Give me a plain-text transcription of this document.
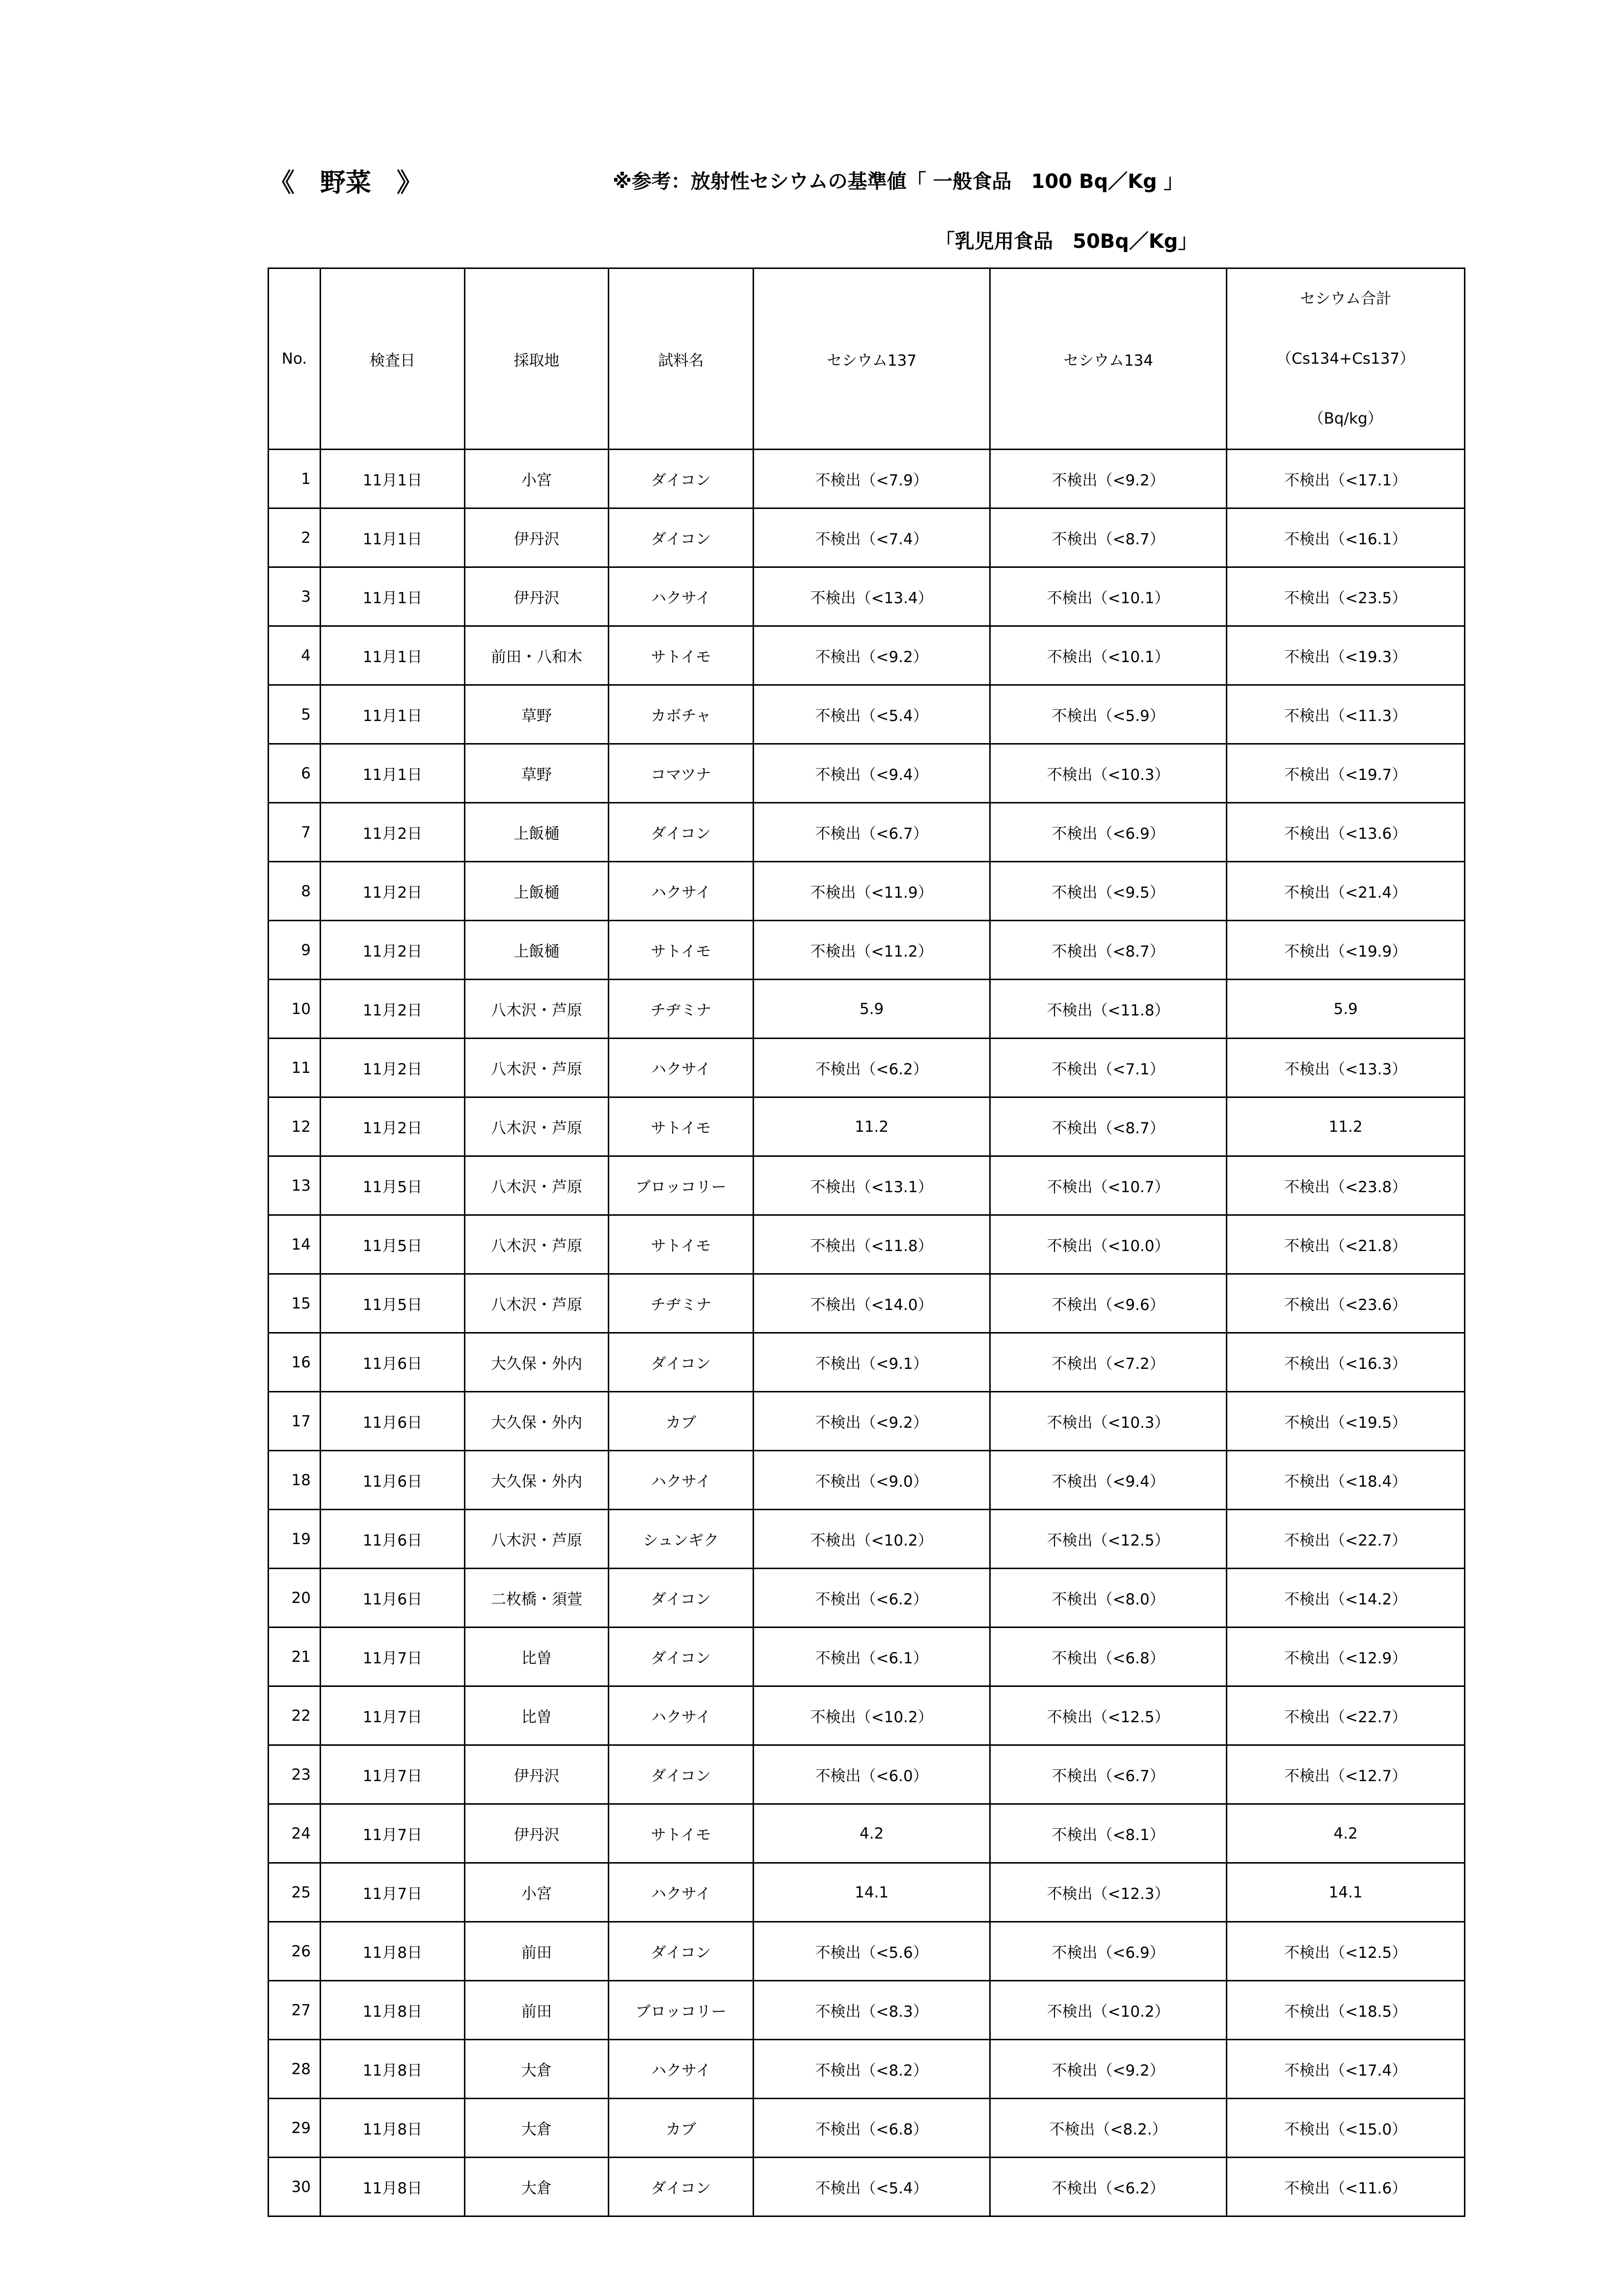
《　野菜　》	※参考：放射性セシウムの基準値「 一般食品　100 Bq／Kg 」
「乳児用食品　50Bq／Kg」
No.	検査日	採取地	試料名	セシウム137	セシウム134	セシウム合計
（Cs134+Cs137）
（Bq/kg）

1	11月1日	小宮	ダイコン	不検出（<7.9）	不検出（<9.2）	不検出（<17.1）
2	11月1日	伊丹沢	ダイコン	不検出（<7.4）	不検出（<8.7）	不検出（<16.1）
3	11月1日	伊丹沢	ハクサイ	不検出（<13.4）	不検出（<10.1）	不検出（<23.5）
4	11月1日	前田・八和木	サトイモ	不検出（<9.2）	不検出（<10.1）	不検出（<19.3）
5	11月1日	草野	カボチャ	不検出（<5.4）	不検出（<5.9）	不検出（<11.3）
6	11月1日	草野	コマツナ	不検出（<9.4）	不検出（<10.3）	不検出（<19.7）
7	11月2日	上飯樋	ダイコン	不検出（<6.7）	不検出（<6.9）	不検出（<13.6）
8	11月2日	上飯樋	ハクサイ	不検出（<11.9）	不検出（<9.5）	不検出（<21.4）
9	11月2日	上飯樋	サトイモ	不検出（<11.2）	不検出（<8.7）	不検出（<19.9）
10	11月2日	八木沢・芦原	チヂミナ	5.9	不検出（<11.8）	5.9
11	11月2日	八木沢・芦原	ハクサイ	不検出（<6.2）	不検出（<7.1）	不検出（<13.3）
12	11月2日	八木沢・芦原	サトイモ	11.2	不検出（<8.7）	11.2
13	11月5日	八木沢・芦原	ブロッコリー	不検出（<13.1）	不検出（<10.7）	不検出（<23.8）
14	11月5日	八木沢・芦原	サトイモ	不検出（<11.8）	不検出（<10.0）	不検出（<21.8）
15	11月5日	八木沢・芦原	チヂミナ	不検出（<14.0）	不検出（<9.6）	不検出（<23.6）
16	11月6日	大久保・外内	ダイコン	不検出（<9.1）	不検出（<7.2）	不検出（<16.3）
17	11月6日	大久保・外内	カブ	不検出（<9.2）	不検出（<10.3）	不検出（<19.5）
18	11月6日	大久保・外内	ハクサイ	不検出（<9.0）	不検出（<9.4）	不検出（<18.4）
19	11月6日	八木沢・芦原	シュンギク	不検出（<10.2）	不検出（<12.5）	不検出（<22.7）
20	11月6日	二枚橋・須萱	ダイコン	不検出（<6.2）	不検出（<8.0）	不検出（<14.2）
21	11月7日	比曽	ダイコン	不検出（<6.1）	不検出（<6.8）	不検出（<12.9）
22	11月7日	比曽	ハクサイ	不検出（<10.2）	不検出（<12.5）	不検出（<22.7）
23	11月7日	伊丹沢	ダイコン	不検出（<6.0）	不検出（<6.7）	不検出（<12.7）
24	11月7日	伊丹沢	サトイモ	4.2	不検出（<8.1）	4.2
25	11月7日	小宮	ハクサイ	14.1	不検出（<12.3）	14.1
26	11月8日	前田	ダイコン	不検出（<5.6）	不検出（<6.9）	不検出（<12.5）
27	11月8日	前田	ブロッコリー	不検出（<8.3）	不検出（<10.2）	不検出（<18.5）
28	11月8日	大倉	ハクサイ	不検出（<8.2）	不検出（<9.2）	不検出（<17.4）
29	11月8日	大倉	カブ	不検出（<6.8）	不検出（<8.2.）	不検出（<15.0）
30	11月8日	大倉	ダイコン	不検出（<5.4）	不検出（<6.2）	不検出（<11.6）
